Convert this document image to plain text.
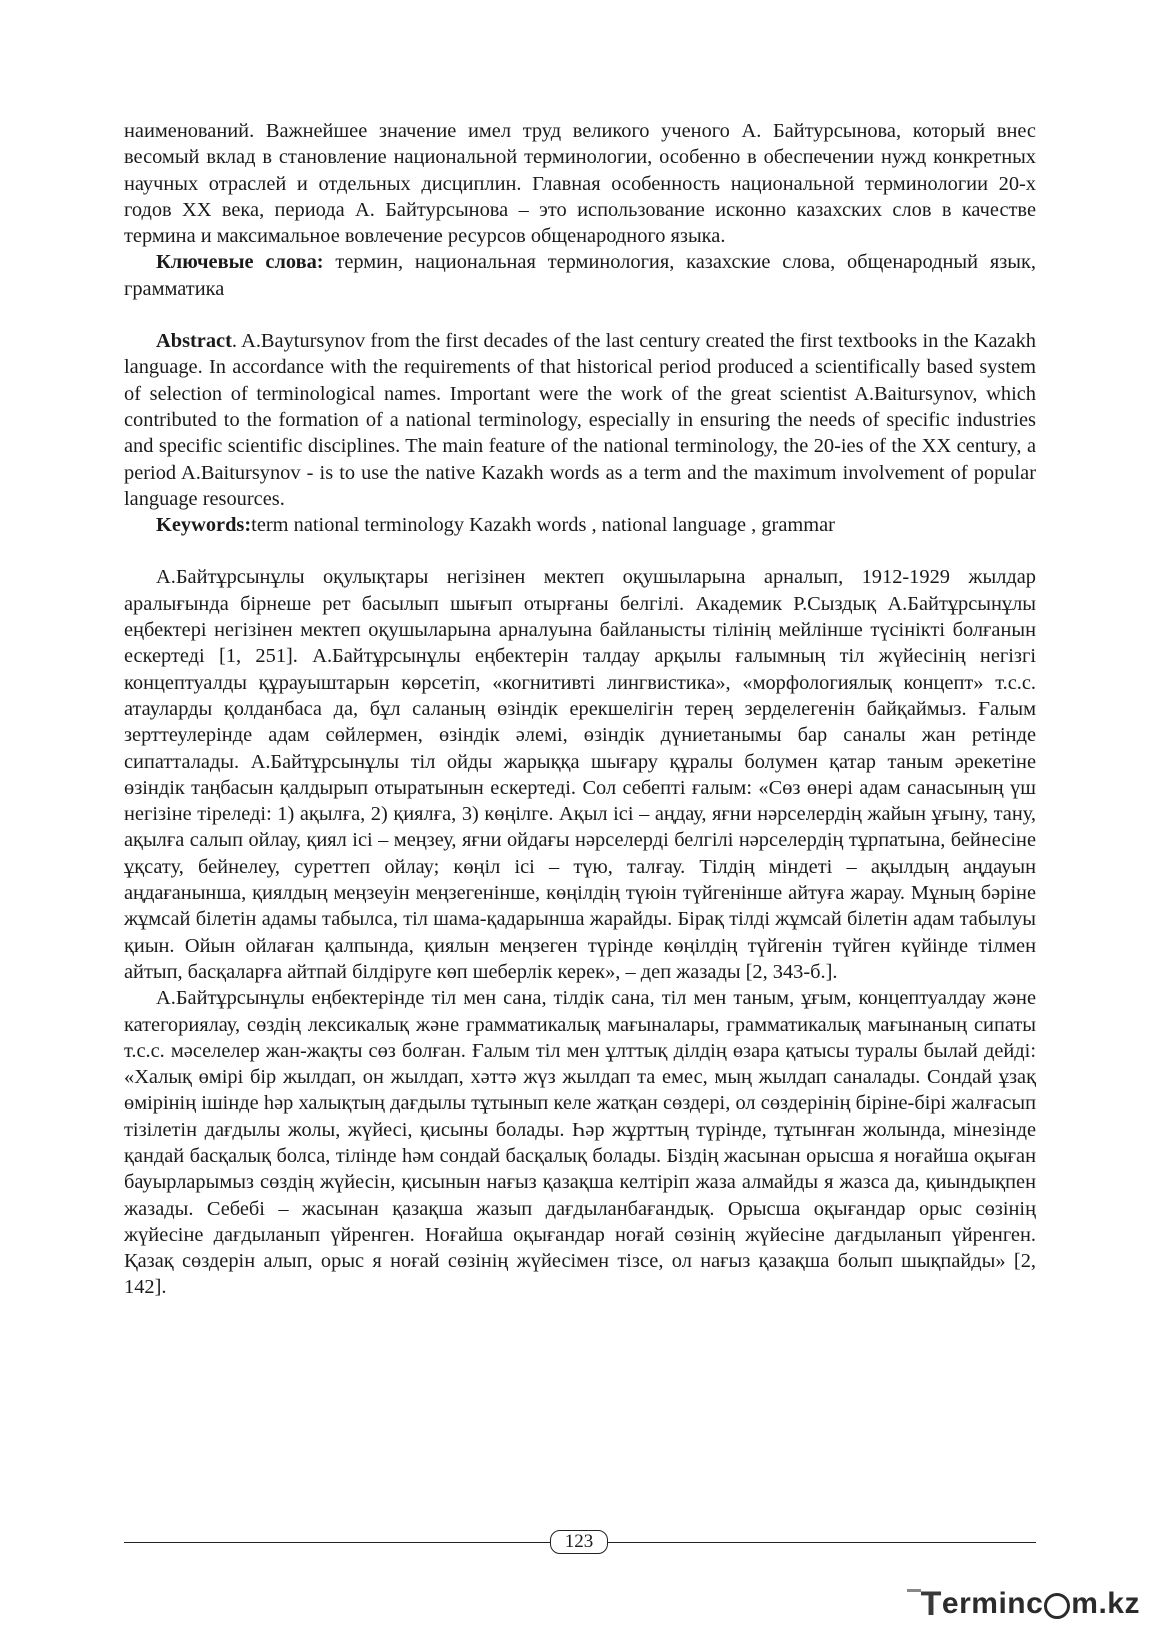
наименований. Важнейшее значение имел труд великого ученого А. Байтурсынова, который внес весомый вклад в становление национальной терминологии, особенно в обеспечении нужд конкретных научных отраслей и отдельных дисциплин. Главная особенность национальной терминологии 20-х годов XX века, периода А. Байтурсынова – это использование исконно казахских слов в качестве термина и максимальное вовлечение ресурсов общенародного языка.

Ключевые слова: термин, национальная терминология, казахские слова, общенародный язык, грамматика

Abstract. A.Baytursynov from the first decades of the last century created the first textbooks in the Kazakh language. In accordance with the requirements of that historical period produced a scientifically based system of selection of terminological names. Important were the work of the great scientist A.Baitursynov, which contributed to the formation of a national terminology, especially in ensuring the needs of specific industries and specific scientific disciplines. The main feature of the national terminology, the 20-ies of the XX century, a period A.Baitursynov - is to use the native Kazakh words as a term and the maximum involvement of popular language resources.

Keywords:term national terminology Kazakh words , national language , grammar

А.Байтұрсынұлы оқулықтары негізінен мектеп оқушыларына арналып, 1912-1929 жылдар аралығында бірнеше рет басылып шығып отырғаны белгілі. Академик Р.Сыздық А.Байтұрсынұлы еңбектері негізінен мектеп оқушыларына арналуына байланысты тілінің мейлінше түсінікті болғанын ескертеді [1, 251]. А.Байтұрсынұлы еңбектерін талдау арқылы ғалымның тіл жүйесінің негізгі концептуалды құрауыштарын көрсетіп, «когнитивті лингвистика», «морфологиялық концепт» т.с.с. атауларды қолданбаса да, бұл саланың өзіндік ерекшелігін терең зерделегенін байқаймыз. Ғалым зерттеулерінде адам сөйлермен, өзіндік әлемі, өзіндік дүниетанымы бар саналы жан ретінде сипатталады. А.Байтұрсынұлы тіл ойды жарыққа шығару құралы болумен қатар таным әрекетіне өзіндік таңбасын қалдырып отыратынын ескертеді. Сол себепті ғалым: «Сөз өнері адам санасының үш негізіне тіреледі: 1) ақылға, 2) қиялға, 3) көңілге. Ақыл ісі – аңдау, яғни нәрселердің жайын ұғыну, тану, ақылға салып ойлау, қиял ісі – меңзеу, яғни ойдағы нәрселерді белгілі нәрселердің тұрпатына, бейнесіне ұқсату, бейнелеу, суреттеп ойлау; көңіл ісі – түю, талғау. Тілдің міндеті – ақылдың аңдауын аңдағанынша, қиялдың меңзеуін меңзегенінше, көңілдің түюін түйгенінше айтуға жарау. Мұның бәріне жұмсай білетін адамы табылса, тіл шама-қадарынша жарайды. Бірақ тілді жұмсай білетін адам табылуы қиын. Ойын ойлаған қалпында, қиялын меңзеген түрінде көңілдің түйгенін түйген күйінде тілмен айтып, басқаларға айтпай білдіруге көп шеберлік керек», – деп жазады [2, 343-б.].

А.Байтұрсынұлы еңбектерінде тіл мен сана, тілдік сана, тіл мен таным, ұғым, концептуалдау және категориялау, сөздің лексикалық және грамматикалық мағыналары, грамматикалық мағынаның сипаты т.с.с. мәселелер жан-жақты сөз болған. Ғалым тіл мен ұлттық ділдің өзара қатысы туралы былай дейді: «Халық өмірі бір жылдап, он жылдап, хәттә жүз жылдап та емес, мың жылдап саналады. Сондай ұзақ өмірінің ішінде һәр халықтың дағдылы тұтынып келе жатқан сөздері, ол сөздерінің біріне-бірі жалғасып тізілетін дағдылы жолы, жүйесі, қисыны болады. Һәр жұрттың түрінде, тұтынған жолында, мінезінде қандай басқалық болса, тілінде һәм сондай басқалық болады. Біздің жасынан орысша я ноғайша оқыған бауырларымыз сөздің жүйесін, қисынын нағыз қазақша келтіріп жаза алмайды я жазса да, қиындықпен жазады. Себебі – жасынан қазақша жазып дағдыланбағандық. Орысша оқығандар орыс сөзінің жүйесіне дағдыланып үйренген. Ноғайша оқығандар ноғай сөзінің жүйесіне дағдыланып үйренген. Қазақ сөздерін алып, орыс я ноғай сөзінің жүйесімен тізсе, ол нағыз қазақша болып шықпайды» [2, 142].

123
T erminc m.kz
